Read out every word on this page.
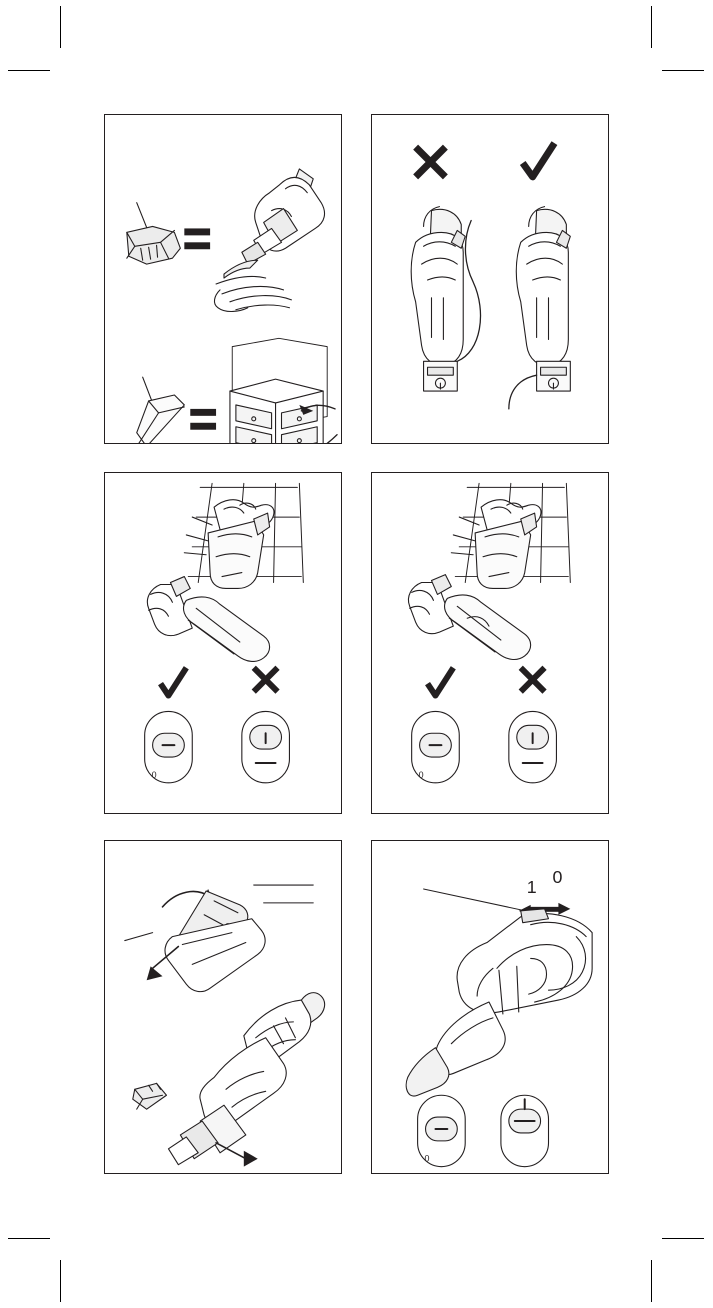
0	0
1 0
0
